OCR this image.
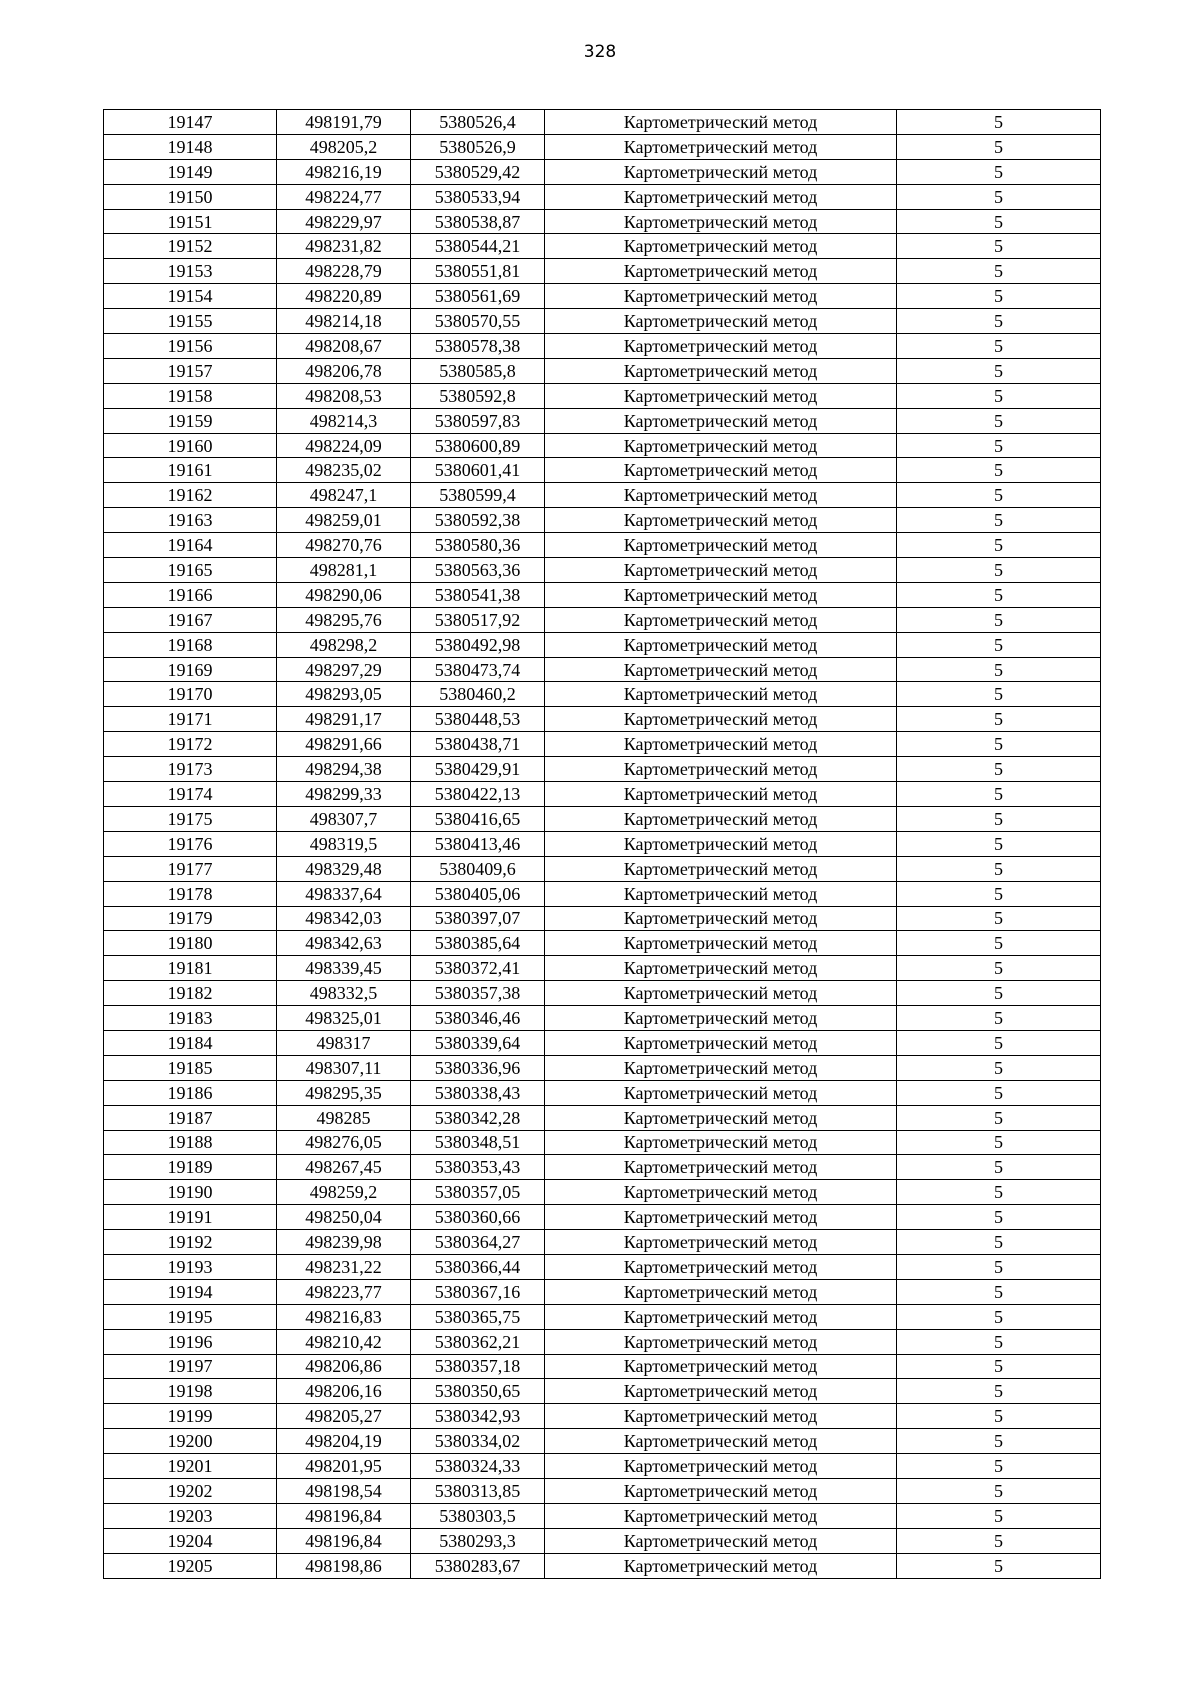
328
19147	498191,79	5380526,4	Картометрический метод	5
19148	498205,2	5380526,9	Картометрический метод	5
19149	498216,19	5380529,42	Картометрический метод	5
19150	498224,77	5380533,94	Картометрический метод	5
19151	498229,97	5380538,87	Картометрический метод	5
19152	498231,82	5380544,21	Картометрический метод	5
19153	498228,79	5380551,81	Картометрический метод	5
19154	498220,89	5380561,69	Картометрический метод	5
19155	498214,18	5380570,55	Картометрический метод	5
19156	498208,67	5380578,38	Картометрический метод	5
19157	498206,78	5380585,8	Картометрический метод	5
19158	498208,53	5380592,8	Картометрический метод	5
19159	498214,3	5380597,83	Картометрический метод	5
19160	498224,09	5380600,89	Картометрический метод	5
19161	498235,02	5380601,41	Картометрический метод	5
19162	498247,1	5380599,4	Картометрический метод	5
19163	498259,01	5380592,38	Картометрический метод	5
19164	498270,76	5380580,36	Картометрический метод	5
19165	498281,1	5380563,36	Картометрический метод	5
19166	498290,06	5380541,38	Картометрический метод	5
19167	498295,76	5380517,92	Картометрический метод	5
19168	498298,2	5380492,98	Картометрический метод	5
19169	498297,29	5380473,74	Картометрический метод	5
19170	498293,05	5380460,2	Картометрический метод	5
19171	498291,17	5380448,53	Картометрический метод	5
19172	498291,66	5380438,71	Картометрический метод	5
19173	498294,38	5380429,91	Картометрический метод	5
19174	498299,33	5380422,13	Картометрический метод	5
19175	498307,7	5380416,65	Картометрический метод	5
19176	498319,5	5380413,46	Картометрический метод	5
19177	498329,48	5380409,6	Картометрический метод	5
19178	498337,64	5380405,06	Картометрический метод	5
19179	498342,03	5380397,07	Картометрический метод	5
19180	498342,63	5380385,64	Картометрический метод	5
19181	498339,45	5380372,41	Картометрический метод	5
19182	498332,5	5380357,38	Картометрический метод	5
19183	498325,01	5380346,46	Картометрический метод	5
19184	498317	5380339,64	Картометрический метод	5
19185	498307,11	5380336,96	Картометрический метод	5
19186	498295,35	5380338,43	Картометрический метод	5
19187	498285	5380342,28	Картометрический метод	5
19188	498276,05	5380348,51	Картометрический метод	5
19189	498267,45	5380353,43	Картометрический метод	5
19190	498259,2	5380357,05	Картометрический метод	5
19191	498250,04	5380360,66	Картометрический метод	5
19192	498239,98	5380364,27	Картометрический метод	5
19193	498231,22	5380366,44	Картометрический метод	5
19194	498223,77	5380367,16	Картометрический метод	5
19195	498216,83	5380365,75	Картометрический метод	5
19196	498210,42	5380362,21	Картометрический метод	5
19197	498206,86	5380357,18	Картометрический метод	5
19198	498206,16	5380350,65	Картометрический метод	5
19199	498205,27	5380342,93	Картометрический метод	5
19200	498204,19	5380334,02	Картометрический метод	5
19201	498201,95	5380324,33	Картометрический метод	5
19202	498198,54	5380313,85	Картометрический метод	5
19203	498196,84	5380303,5	Картометрический метод	5
19204	498196,84	5380293,3	Картометрический метод	5
19205	498198,86	5380283,67	Картометрический метод	5
